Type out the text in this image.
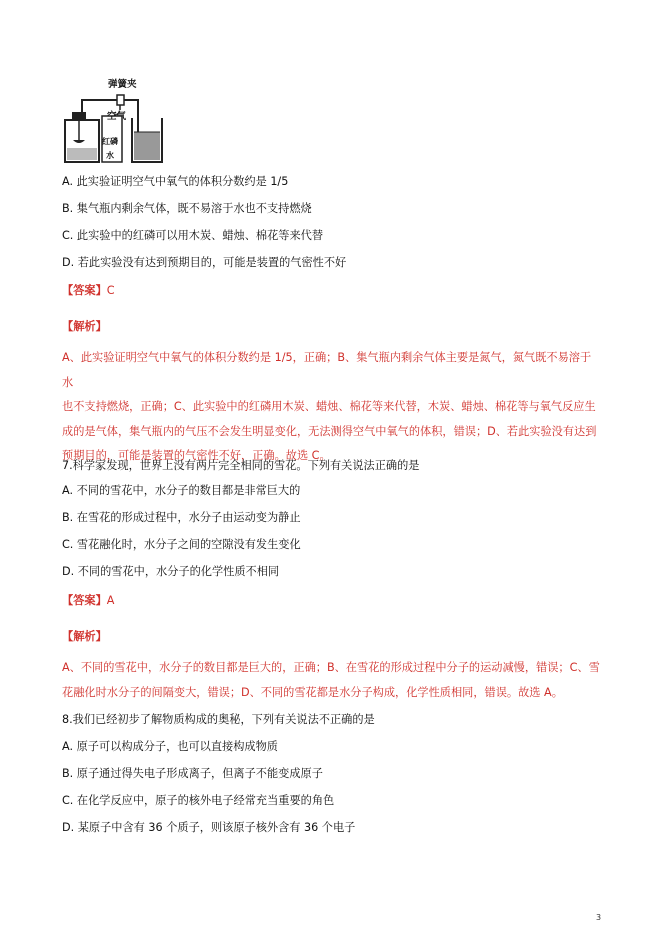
弹簧夹
空气
红磷
水
A. 此实验证明空气中氧气的体积分数约是 1/5
B. 集气瓶内剩余气体，既不易溶于水也不支持燃烧
C. 此实验中的红磷可以用木炭、蜡烛、棉花等来代替
D. 若此实验没有达到预期目的，可能是装置的气密性不好
【答案】C
【解析】
A、此实验证明空气中氧气的体积分数约是 1/5，正确；B、集气瓶内剩余气体主要是氮气，氮气既不易溶于水
也不支持燃烧，正确；C、此实验中的红磷用木炭、蜡烛、棉花等来代替，木炭、蜡烛、棉花等与氧气反应生
成的是气体，集气瓶内的气压不会发生明显变化，无法测得空气中氧气的体积，错误；D、若此实验没有达到
预期目的，可能是装置的气密性不好，正确。故选 C。
7.科学家发现，世界上没有两片完全相同的雪花。下列有关说法正确的是
A. 不同的雪花中，水分子的数目都是非常巨大的
B. 在雪花的形成过程中，水分子由运动变为静止
C. 雪花融化时，水分子之间的空隙没有发生变化
D. 不同的雪花中，水分子的化学性质不相同
【答案】A
【解析】
A、不同的雪花中，水分子的数目都是巨大的，正确；B、在雪花的形成过程中分子的运动减慢，错误；C、雪
花融化时水分子的间隔变大，错误；D、不同的雪花都是水分子构成，化学性质相同，错误。故选 A。
8.我们已经初步了解物质构成的奥秘，下列有关说法不正确的是
A. 原子可以构成分子，也可以直接构成物质
B. 原子通过得失电子形成离子，但离子不能变成原子
C. 在化学反应中，原子的核外电子经常充当重要的角色
D. 某原子中含有 36 个质子，则该原子核外含有 36 个电子
3
